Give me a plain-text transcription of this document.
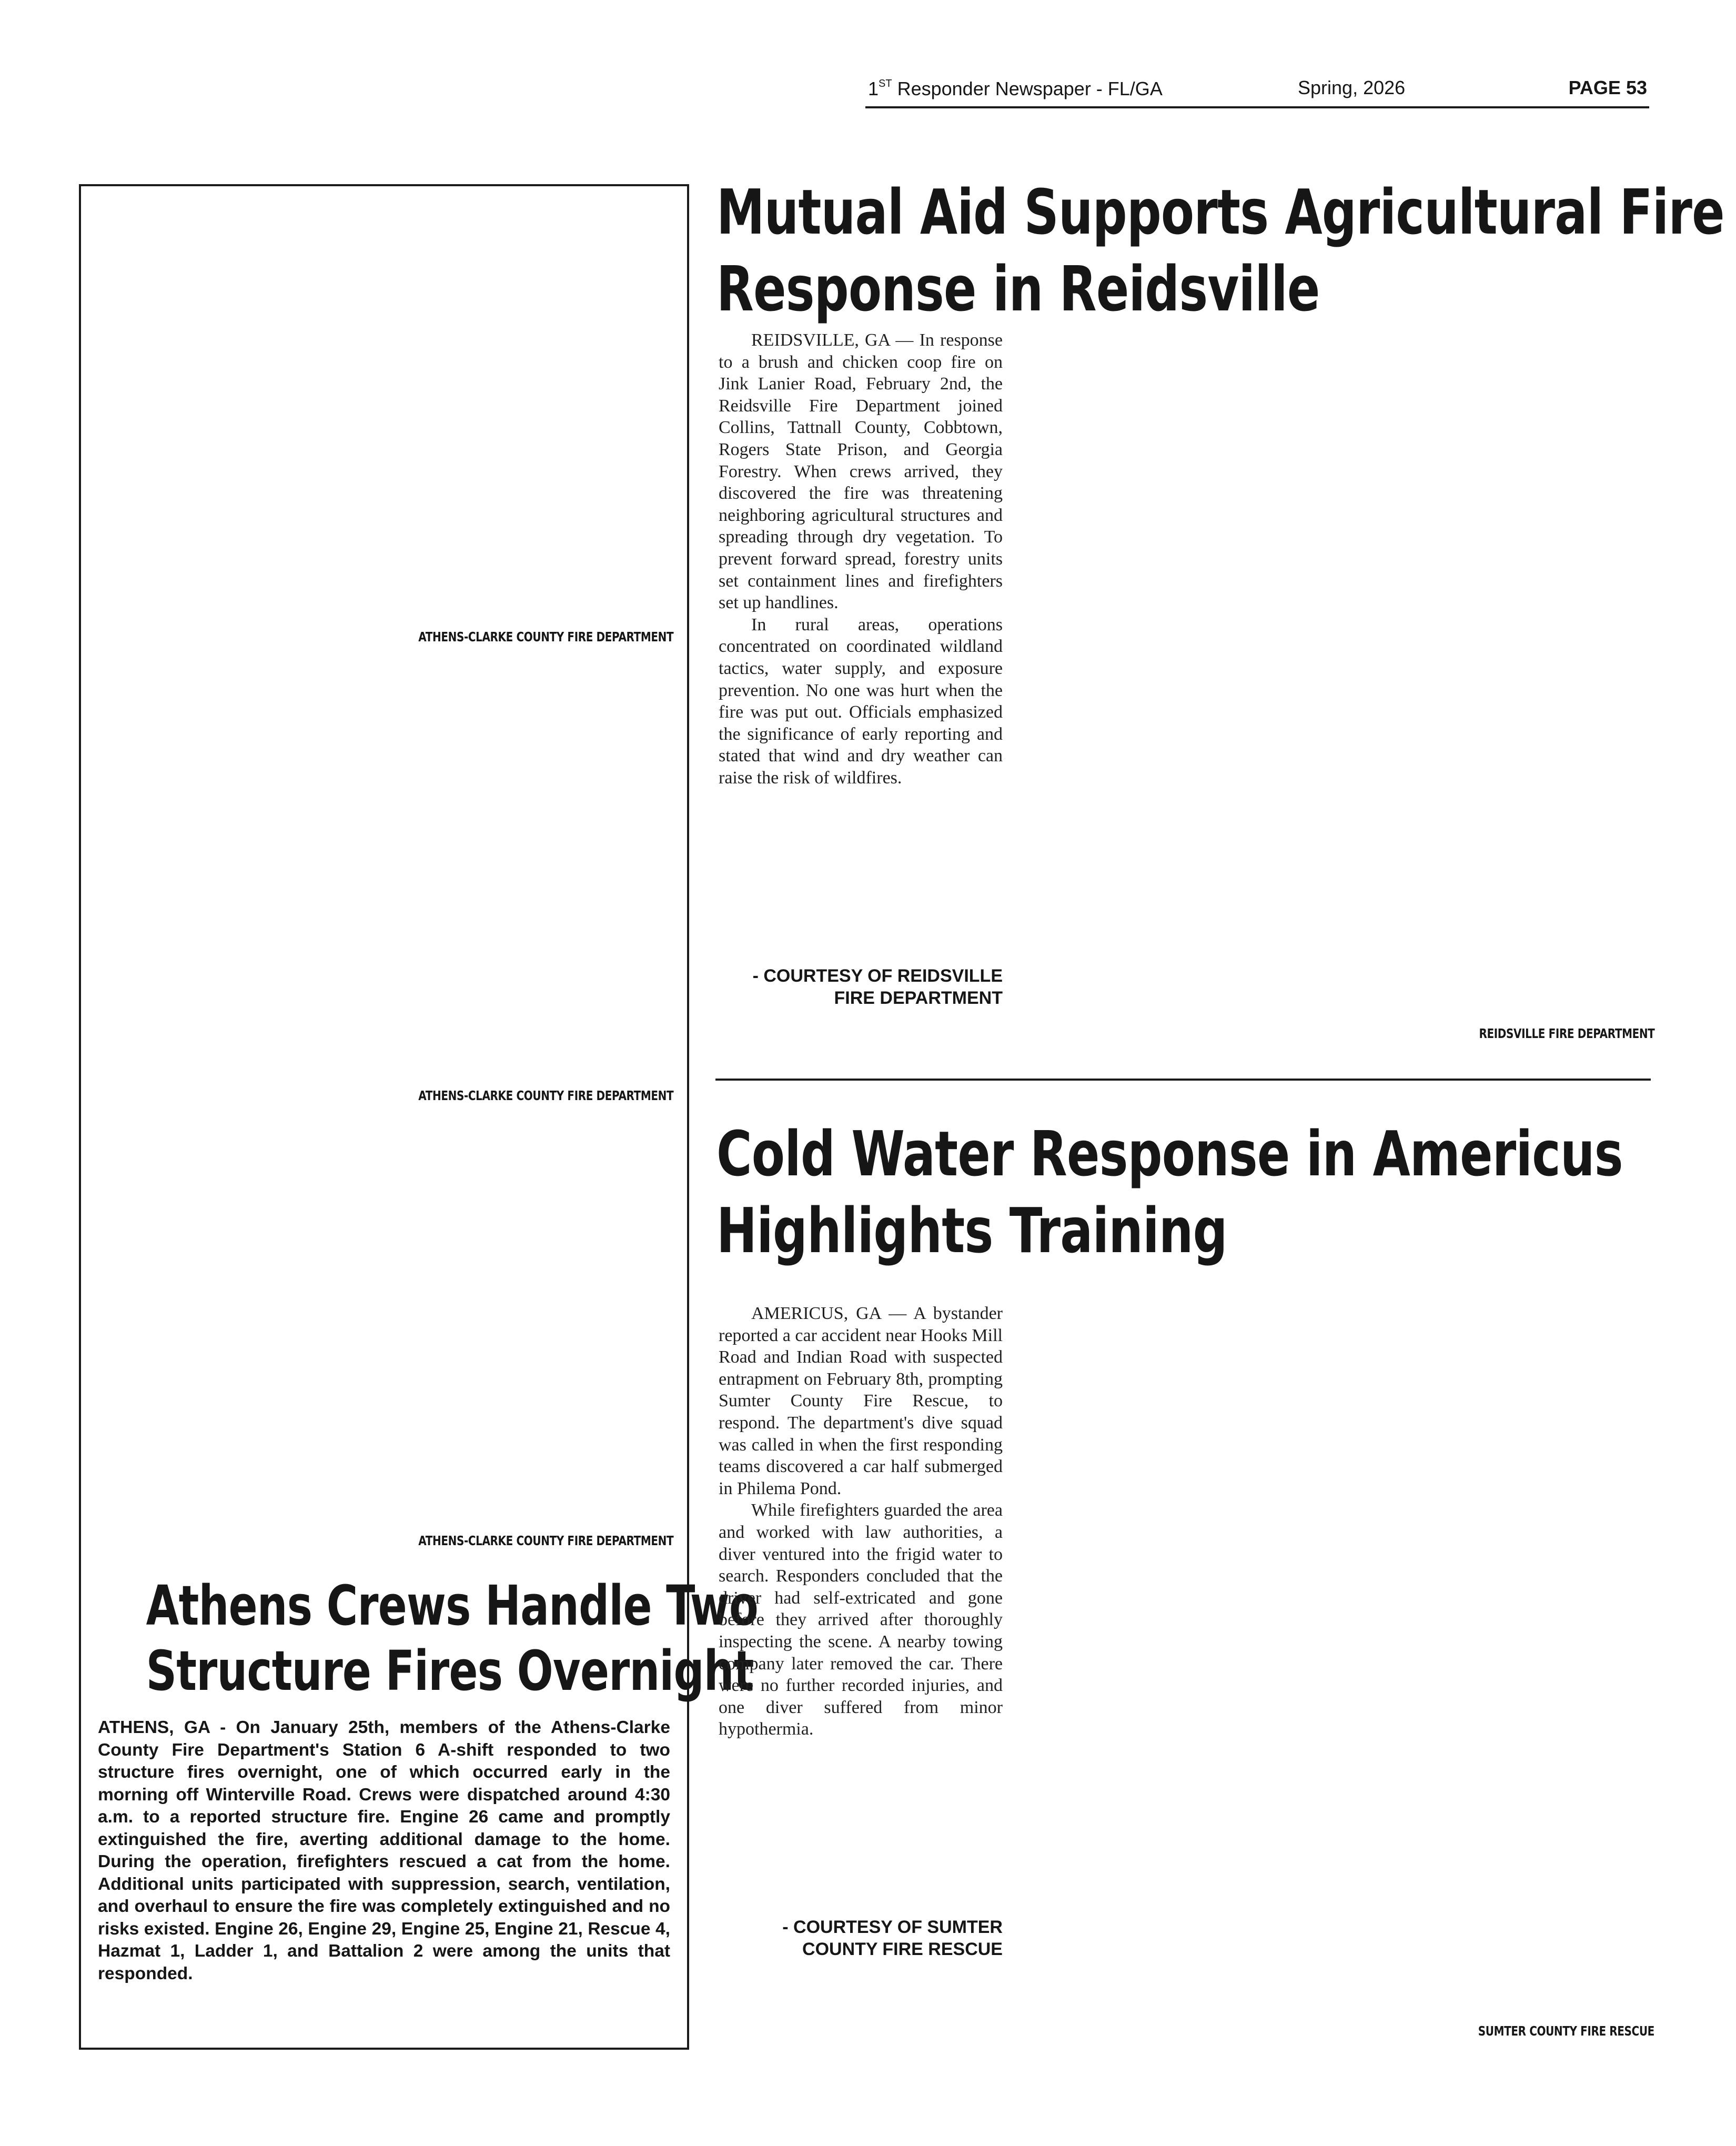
1ST Responder Newspaper - FL/GA	Spring, 2026	PAGE 53
ATHENS-CLARKE COUNTY FIRE DEPARTMENT
ATHENS-CLARKE COUNTY FIRE DEPARTMENT
ATHENS-CLARKE COUNTY FIRE DEPARTMENT
Athens Crews Handle Two
Structure Fires Overnight

ATHENS, GA - On January 25th, members of the Athens-Clarke County Fire Department's Station 6 A-shift responded to two structure fires overnight, one of which occurred early in the morning off Winterville Road. Crews were dispatched around 4:30 a.m. to a reported structure fire. Engine 26 came and promptly extinguished the fire, averting additional damage to the home. During the operation, firefighters rescued a cat from the home. Additional units participated with suppression, search, ventilation, and overhaul to ensure the fire was completely extinguished and no risks existed. Engine 26, Engine 29, Engine 25, Engine 21, Rescue 4, Hazmat 1, Ladder 1, and Battalion 2 were among the units that responded.

Mutual Aid Supports Agricultural Fire
Response in Reidsville

REIDSVILLE, GA — In response to a brush and chicken coop fire on Jink Lanier Road, February 2nd, the Reidsville Fire Department joined Collins, Tattnall County, Cobbtown, Rogers State Prison, and Georgia Forestry. When crews arrived, they discovered the fire was threatening neighboring agricultural structures and spreading through dry vegetation. To prevent forward spread, forestry units set containment lines and firefighters set up handlines.

In rural areas, operations concentrated on coordinated wildland tactics, water supply, and exposure prevention. No one was hurt when the fire was put out. Officials emphasized the significance of early reporting and stated that wind and dry weather can raise the risk of wildfires.

- COURTESY OF REIDSVILLE
FIRE DEPARTMENT
REIDSVILLE FIRE DEPARTMENT
Cold Water Response in Americus
Highlights Training

AMERICUS, GA — A bystander reported a car accident near Hooks Mill Road and Indian Road with suspected entrapment on February 8th, prompting Sumter County Fire Rescue, to respond. The department's dive squad was called in when the first responding teams discovered a car half submerged in Philema Pond.

While firefighters guarded the area and worked with law authorities, a diver ventured into the frigid water to search. Responders concluded that the driver had self-extricated and gone before they arrived after thoroughly inspecting the scene. A nearby towing company later removed the car. There were no further recorded injuries, and one diver suffered from minor hypothermia.

- COURTESY OF SUMTER
COUNTY FIRE RESCUE
SUMTER COUNTY FIRE RESCUE
